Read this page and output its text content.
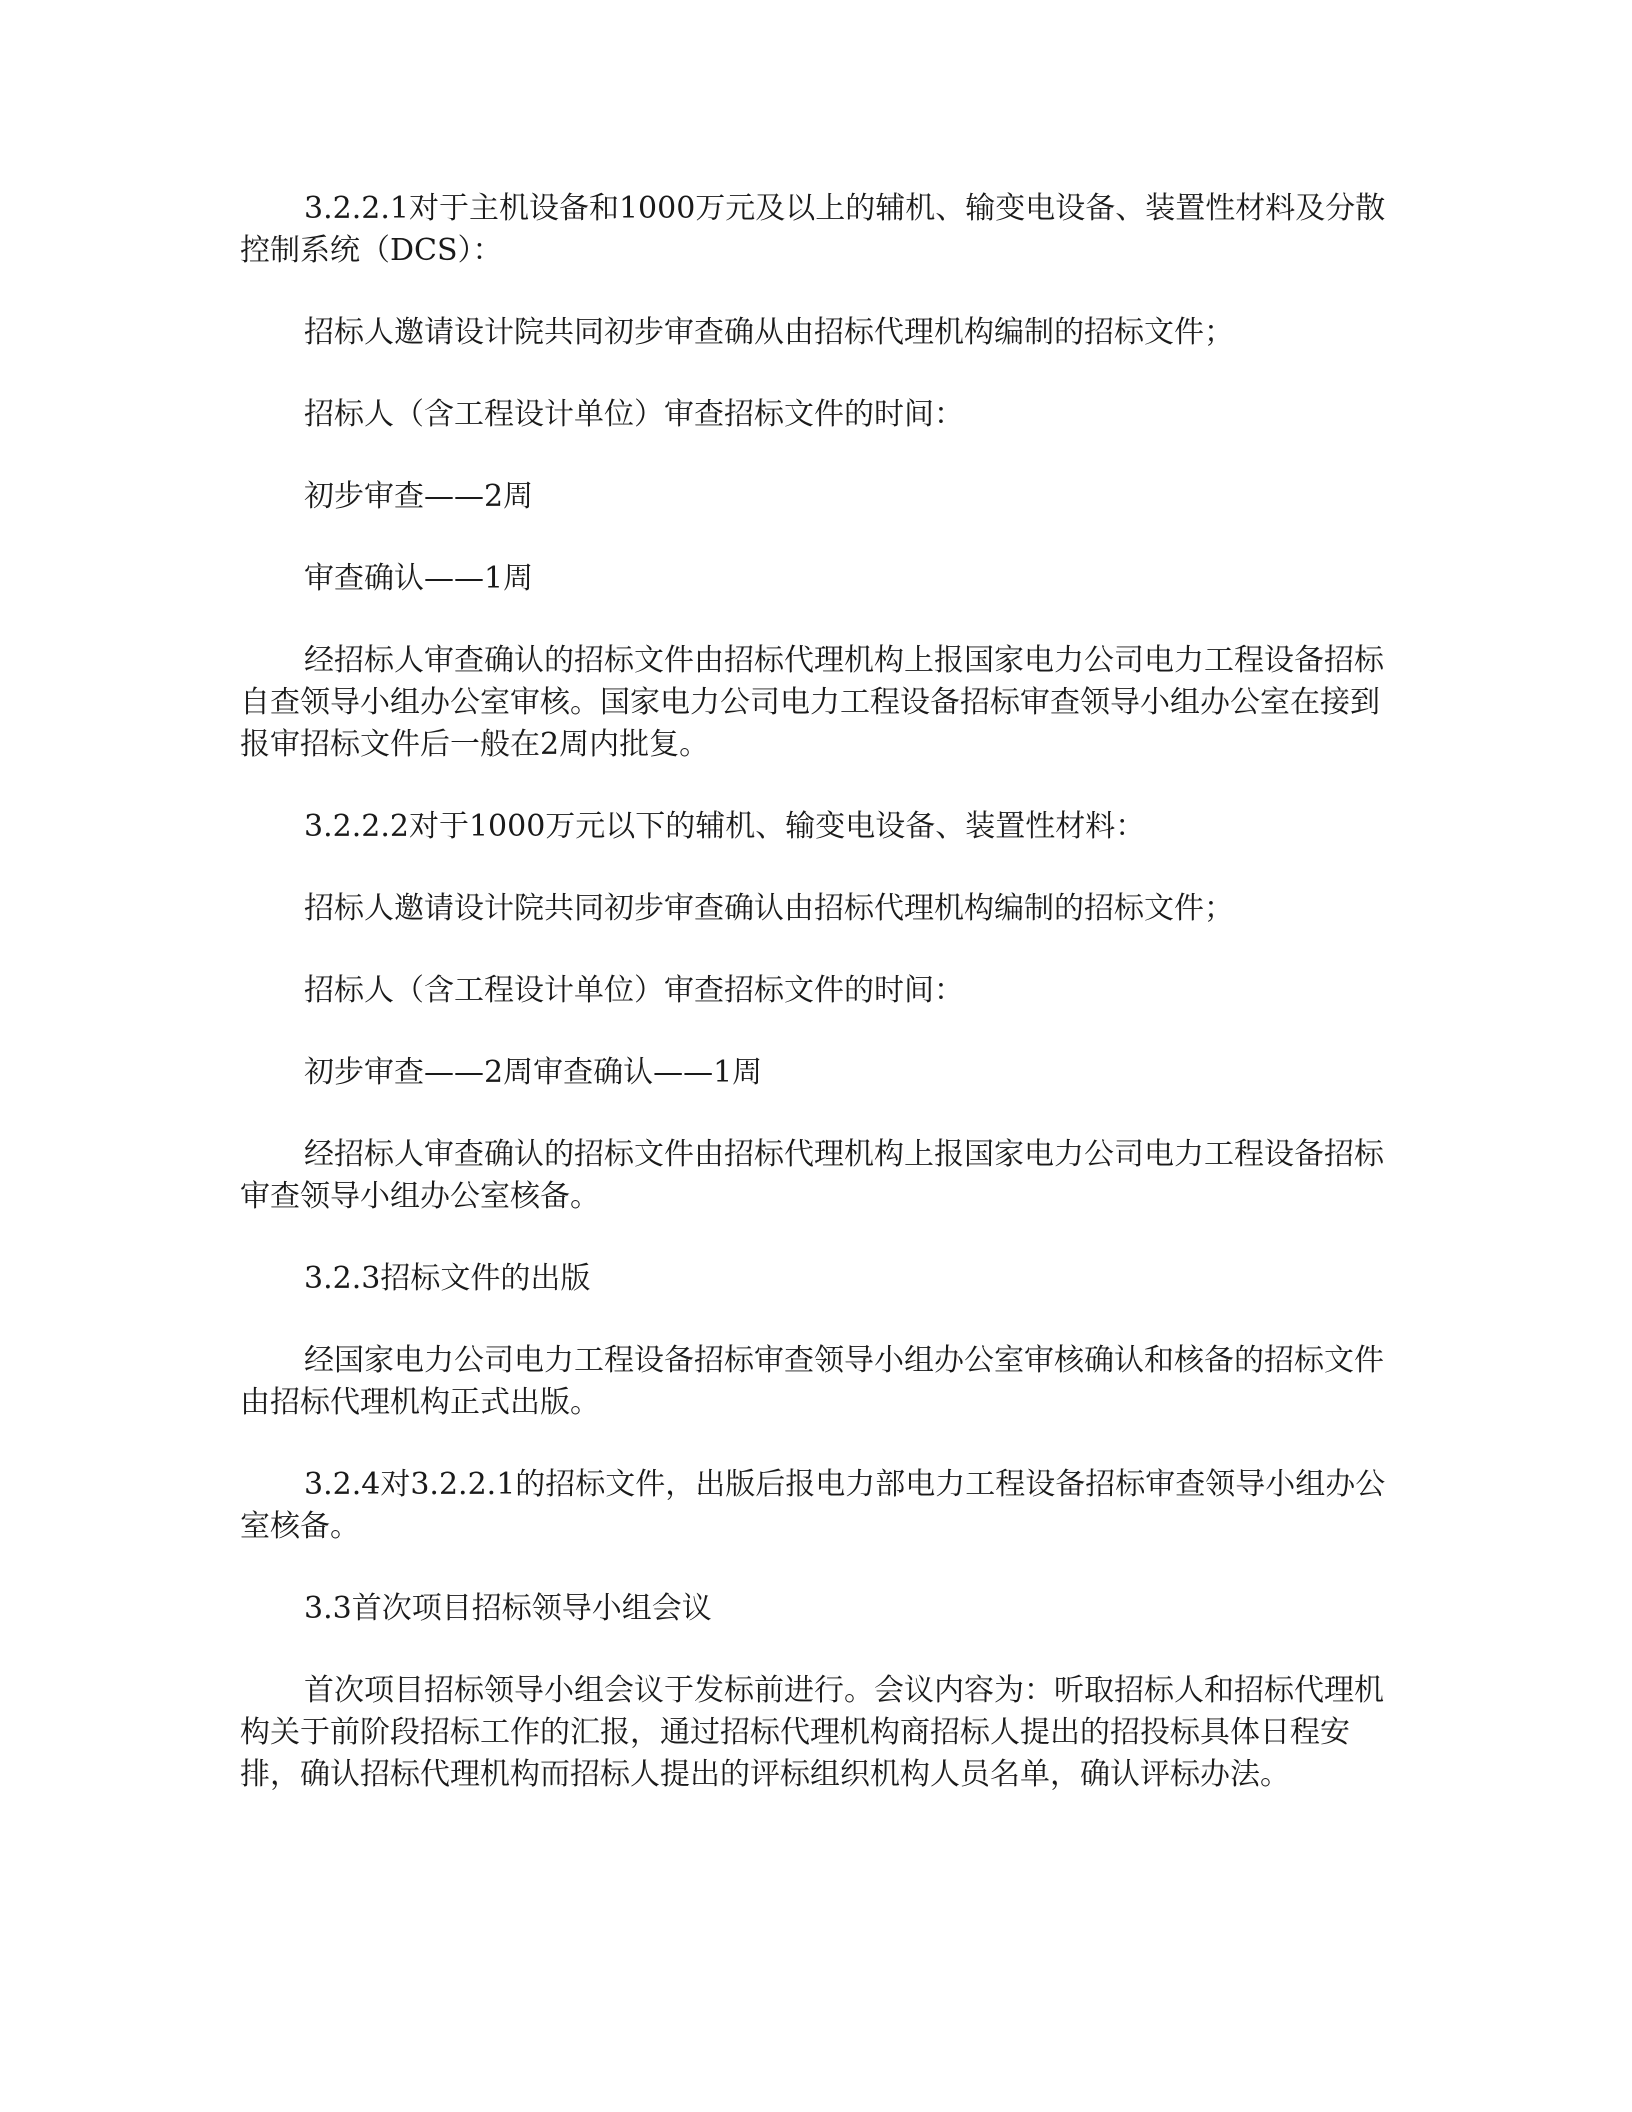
3.2.2.1对于主机设备和1000万元及以上的辅机、输变电设备、装置性材料及分散控制系统（DCS）：

招标人邀请设计院共同初步审查确从由招标代理机构编制的招标文件；

招标人（含工程设计单位）审查招标文件的时间：

初步审查——2周

审查确认——1周

经招标人审查确认的招标文件由招标代理机构上报国家电力公司电力工程设备招标自查领导小组办公室审核。国家电力公司电力工程设备招标审查领导小组办公室在接到报审招标文件后一般在2周内批复。

3.2.2.2对于1000万元以下的辅机、输变电设备、装置性材料：

招标人邀请设计院共同初步审查确认由招标代理机构编制的招标文件；

招标人（含工程设计单位）审查招标文件的时间：

初步审查——2周审查确认——1周

经招标人审查确认的招标文件由招标代理机构上报国家电力公司电力工程设备招标审查领导小组办公室核备。

3.2.3招标文件的出版

经国家电力公司电力工程设备招标审查领导小组办公室审核确认和核备的招标文件由招标代理机构正式出版。

3.2.4对3.2.2.1的招标文件，出版后报电力部电力工程设备招标审查领导小组办公室核备。

3.3首次项目招标领导小组会议

首次项目招标领导小组会议于发标前进行。会议内容为：听取招标人和招标代理机构关于前阶段招标工作的汇报，通过招标代理机构商招标人提出的招投标具体日程安排，确认招标代理机构而招标人提出的评标组织机构人员名单，确认评标办法。
